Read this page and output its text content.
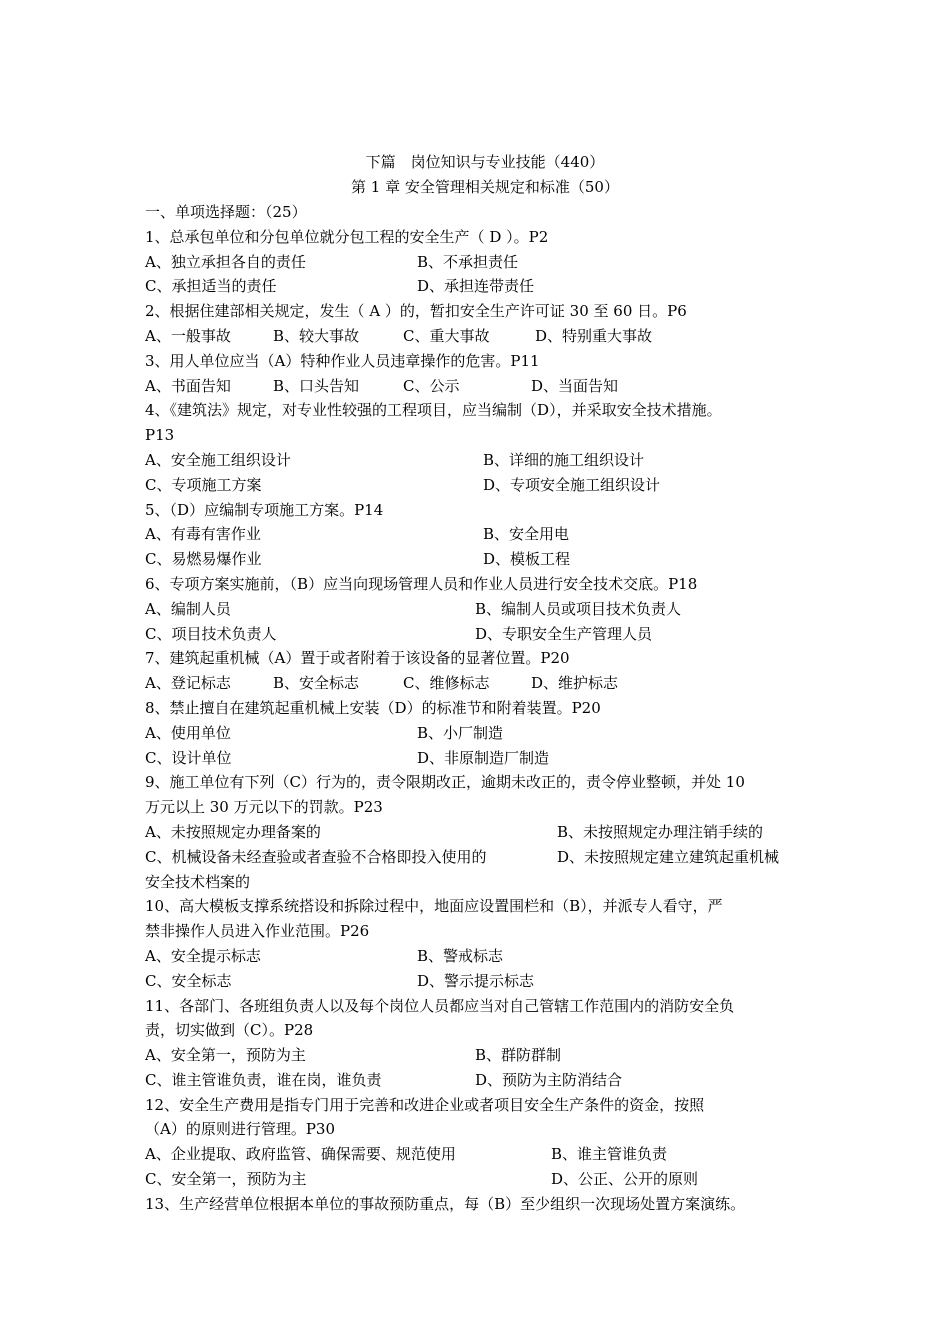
下篇　岗位知识与专业技能（440）
第 1 章 安全管理相关规定和标准（50）
一、单项选择题：（25）
1、总承包单位和分包单位就分包工程的安全生产（ D ）。P2
A、独立承担各自的责任	B、不承担责任
C、承担适当的责任	D、承担连带责任
2、根据住建部相关规定，发生（ A ）的，暂扣安全生产许可证 30 至 60 日。P6
A、一般事故	B、较大事故	C、重大事故	D、特别重大事故
3、用人单位应当（A）特种作业人员违章操作的危害。P11
A、书面告知	B、口头告知	C、公示	D、当面告知
4、《建筑法》规定，对专业性较强的工程项目，应当编制（D），并采取安全技术措施。
P13
A、安全施工组织设计	B、详细的施工组织设计
C、专项施工方案	D、专项安全施工组织设计
5、（D）应编制专项施工方案。P14
A、有毒有害作业	B、安全用电
C、易燃易爆作业	D、模板工程
6、专项方案实施前，（B）应当向现场管理人员和作业人员进行安全技术交底。P18
A、编制人员	B、编制人员或项目技术负责人
C、项目技术负责人	D、专职安全生产管理人员
7、建筑起重机械（A）置于或者附着于该设备的显著位置。P20
A、登记标志	B、安全标志	C、维修标志	D、维护标志
8、禁止擅自在建筑起重机械上安装（D）的标准节和附着装置。P20
A、使用单位	B、小厂制造
C、设计单位	D、非原制造厂制造
9、施工单位有下列（C）行为的，责令限期改正，逾期未改正的，责令停业整顿，并处 10
万元以上 30 万元以下的罚款。P23
A、未按照规定办理备案的	B、未按照规定办理注销手续的
C、机械设备未经查验或者查验不合格即投入使用的	D、未按照规定建立建筑起重机械
安全技术档案的
10、高大模板支撑系统搭设和拆除过程中，地面应设置围栏和（B），并派专人看守，严
禁非操作人员进入作业范围。P26
A、安全提示标志	B、警戒标志
C、安全标志	D、警示提示标志
11、各部门、各班组负责人以及每个岗位人员都应当对自己管辖工作范围内的消防安全负
责，切实做到（C）。P28
A、安全第一，预防为主	B、群防群制
C、谁主管谁负责，谁在岗，谁负责	D、预防为主防消结合
12、安全生产费用是指专门用于完善和改进企业或者项目安全生产条件的资金，按照
（A）的原则进行管理。P30
A、企业提取、政府监管、确保需要、规范使用	B、谁主管谁负责
C、安全第一，预防为主	D、公正、公开的原则
13、生产经营单位根据本单位的事故预防重点，每（B）至少组织一次现场处置方案演练。
